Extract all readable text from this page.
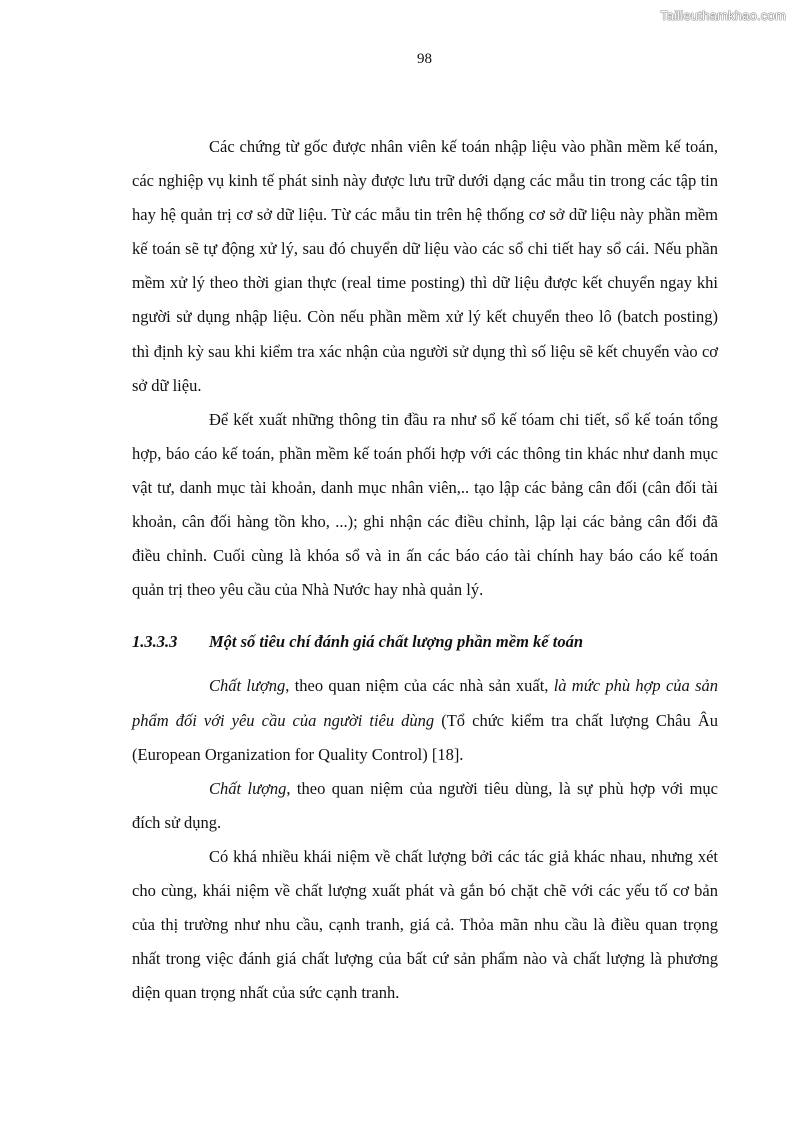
Tailieuthamkhao.com
98

Các chứng từ gốc được nhân viên kế toán nhập liệu vào phần mềm kế toán, các nghiệp vụ kinh tế phát sinh này được lưu trữ dưới dạng các mẫu tin trong các tập tin hay hệ quản trị cơ sở dữ liệu. Từ các mẫu tin trên hệ thống cơ sở dữ liệu này phần mềm kế toán sẽ tự động xử lý, sau đó chuyển dữ liệu vào các sổ chi tiết hay sổ cái. Nếu phần mềm xử lý theo thời gian thực (real time posting) thì dữ liệu được kết chuyển ngay khi người sử dụng nhập liệu. Còn nếu phần mềm xử lý kết chuyển theo lô (batch posting) thì định kỳ sau khi kiểm tra xác nhận của người sử dụng thì số liệu sẽ kết chuyển vào cơ sở dữ liệu.

Để kết xuất những thông tin đầu ra như sổ kế tóam chi tiết, sổ kế toán tổng hợp, báo cáo kế toán, phần mềm kế toán phối hợp với các thông tin khác như danh mục vật tư, danh mục tài khoản, danh mục nhân viên,.. tạo lập các bảng cân đối (cân đối tài khoản, cân đối hàng tồn kho, ...); ghi nhận các điều chỉnh, lập lại các bảng cân đối đã điều chỉnh. Cuối cùng là khóa sổ và in ấn các báo cáo tài chính hay báo cáo kế toán quản trị theo yêu cầu của Nhà Nước hay nhà quản lý.

1.3.3.3 Một số tiêu chí đánh giá chất lượng phần mềm kế toán

Chất lượng, theo quan niệm của các nhà sản xuất, là mức phù hợp của sản phẩm đối với yêu cầu của người tiêu dùng (Tổ chức kiểm tra chất lượng Châu Âu (European Organization for Quality Control) [18].

Chất lượng, theo quan niệm của người tiêu dùng, là sự phù hợp với mục đích sử dụng.

Có khá nhiều khái niệm về chất lượng bởi các tác giả khác nhau, nhưng xét cho cùng, khái niệm về chất lượng xuất phát và gắn bó chặt chẽ với các yếu tố cơ bản của thị trường như nhu cầu, cạnh tranh, giá cả. Thỏa mãn nhu cầu là điều quan trọng nhất trong việc đánh giá chất lượng của bất cứ sản phẩm nào và chất lượng là phương diện quan trọng nhất của sức cạnh tranh.
